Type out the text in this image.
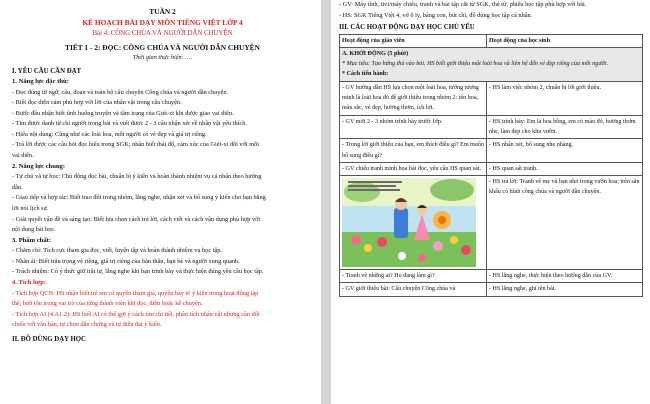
TUẦN 2
KẾ HOẠCH BÀI DẠY MÔN TIẾNG VIỆT LỚP 4
Bài 4: CÔNG CHÚA VÀ NGƯỜI DẪN CHUYỆN
TIẾT 1 - 2: ĐỌC: CÔNG CHÚA VÀ NGƯỜI DẪN CHUYỆN
Thời gian thực hiện: ….
I. YÊU CẦU CẦN ĐẠT
1. Năng lực đặc thù:
- Đọc đúng từ ngữ, câu, đoạn và toàn bộ câu chuyện Công chúa và người dẫn chuyện.
- Biết đọc diễn cảm phù hợp với lời của nhân vật trong câu chuyện.
- Bước đầu nhận biết tình huống truyện và tâm trạng của Giét-xi khi được giao vai diễn.
- Tìm được danh từ chỉ người trong bài và viết được 2 - 3 câu nhận xét về nhân vật yêu thích.
- Hiểu nội dung: Cũng như các loài hoa, mỗi người có vẻ đẹp và giá trị riêng.
- Trả lời được các câu hỏi đọc hiểu trong SGK; nhận biết thái độ, cảm xúc của Giét-xi đối với mỗi
vai diễn.
2. Năng lực chung:
- Tự chủ và tự học: Chủ động đọc bài, chuẩn bị ý kiến và hoàn thành nhiệm vụ cá nhân theo hướng
dẫn.
- Giao tiếp và hợp tác: Biết trao đổi trong nhóm, lắng nghe, nhận xét và bổ sung ý kiến cho bạn bằng
lời nói lịch sự.
- Giải quyết vấn đề và sáng tạo: Biết lựa chọn cách trả lời, cách viết và cách vận dụng phù hợp với
nội dung bài học.
3. Phẩm chất:
- Chăm chỉ: Tích cực tham gia đọc, viết, luyện tập và hoàn thành nhiệm vụ học tập.
- Nhân ái: Biết trân trọng vẻ riêng, giá trị riêng của bản thân, bạn bè và người xung quanh.
- Trách nhiệm: Có ý thức giữ trật tự, lắng nghe khi bạn trình bày và thực hiện đúng yêu cầu học tập.
4. Tích hợp:
- Tích hợp QCN: HS nhận biết trẻ em có quyền tham gia, quyền bày tỏ ý kiến trong hoạt động tập
thể, biết tôn trọng vai trò của từng thành viên khi đọc, diễn hoặc kể chuyện.
- Tích hợp AI (4.A1.2): HS biết AI có thể gợi ý cách tìm chi tiết, phân tích nhân vật nhưng cần đối
chiếu với văn bản, tự chọn dẫn chứng và tự diễn đạt ý kiến.
II. ĐỒ DÙNG DẠY HỌC
- GV: Máy tính, tivi/máy chiếu, tranh và bài tập cắt từ SGK, thẻ từ, phiếu học tập phù hợp với bài.
- HS: SGK Tiếng Việt 4, vở ô ly, bảng con, bút chì, đồ dùng học tập cá nhân.
III. CÁC HOẠT ĐỘNG DẠY HỌC CHỦ YẾU
Hoạt động của giáo viên	Hoạt động của học sinh

A. KHỞI ĐỘNG (5 phút)
* Mục tiêu: Tạo hứng thú vào bài. HS biết giới thiệu một loài hoa và liên hệ đến vẻ đẹp riêng của mỗi người.
* Cách tiến hành:	

- GV hướng dẫn HS lựa chọn một loài hoa, tưởng tượng mình là loài hoa đó để giới thiệu trong nhóm 2: tên hoa, màu sắc, vẻ đẹp, hương thơm, ích lợi.	- HS làm việc nhóm 2, chuẩn bị lời giới thiệu.
- GV mời 2 - 3 nhóm trình bày trước lớp.	- HS trình bày: Em là hoa hồng, em có màu đỏ, hương thơm nhẹ, làm đẹp cho khu vườn.
- Trong lời giới thiệu của bạn, em thích điều gì? Em muốn bổ sung điều gì?	- HS nhận xét, bổ sung nhẹ nhàng.
- GV chiếu tranh minh họa bài đọc, yêu cầu HS quan sát.	- HS quan sát tranh.

	- HS trả lời: Tranh vẽ mẹ và bạn nhỏ trong vườn hoa; trên sân khấu có hình công chúa và người dẫn chuyện.
- Tranh vẽ những ai? Họ đang làm gì?	- HS lắng nghe, thực hiện theo hướng dẫn của GV.
- GV giới thiệu bài: Câu chuyện Công chúa và	- HS lắng nghe, ghi tên bài.
